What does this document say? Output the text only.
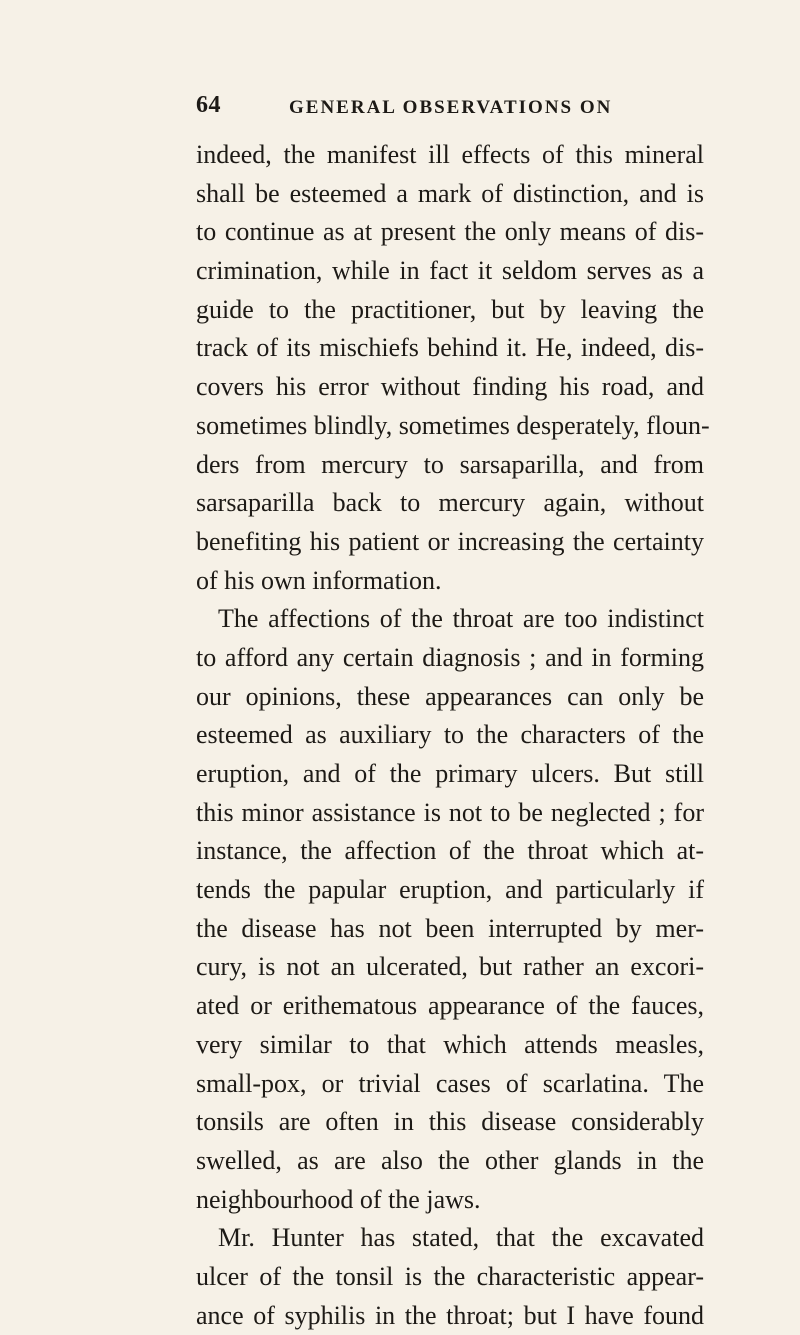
64	GENERAL OBSERVATIONS ON
indeed, the manifest ill effects of this mineral
shall be esteemed a mark of distinction, and is
to continue as at present the only means of dis-
crimination, while in fact it seldom serves as a
guide to the practitioner, but by leaving the
track of its mischiefs behind it. He, indeed, dis-
covers his error without finding his road, and
sometimes blindly, sometimes desperately, floun-
ders from mercury to sarsaparilla, and from
sarsaparilla back to mercury again, without
benefiting his patient or increasing the certainty
of his own information.
The affections of the throat are too indistinct
to afford any certain diagnosis ; and in forming
our opinions, these appearances can only be
esteemed as auxiliary to the characters of the
eruption, and of the primary ulcers. But still
this minor assistance is not to be neglected ; for
instance, the affection of the throat which at-
tends the papular eruption, and particularly if
the disease has not been interrupted by mer-
cury, is not an ulcerated, but rather an excori-
ated or erithematous appearance of the fauces,
very similar to that which attends measles,
small-pox, or trivial cases of scarlatina. The
tonsils are often in this disease considerably
swelled, as are also the other glands in the
neighbourhood of the jaws.
Mr. Hunter has stated, that the excavated
ulcer of the tonsil is the characteristic appear-
ance of syphilis in the throat; but I have found
